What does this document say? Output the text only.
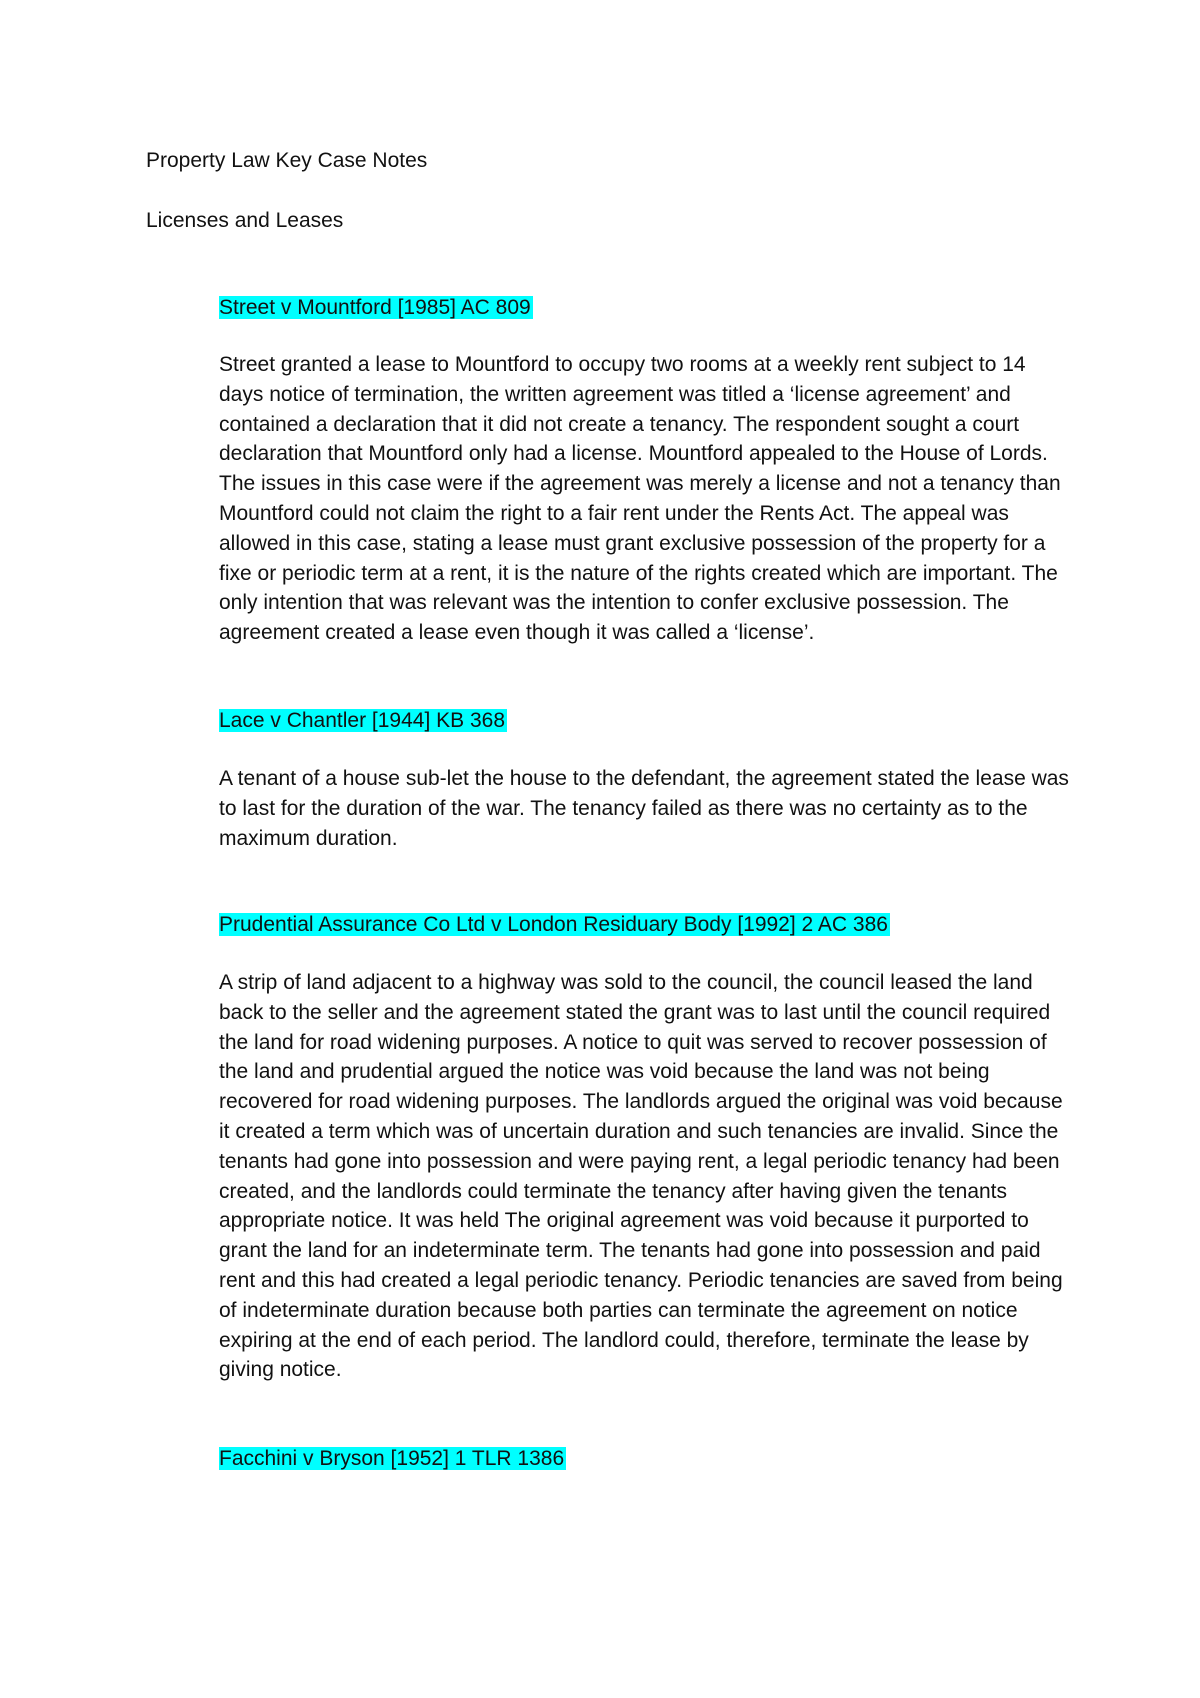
Property Law Key Case Notes

Licenses and Leases

Street v Mountford [1985] AC 809

Street granted a lease to Mountford to occupy two rooms at a weekly rent subject to 14 days notice of termination, the written agreement was titled a ‘license agreement’ and contained a declaration that it did not create a tenancy. The respondent sought a court declaration that Mountford only had a license. Mountford appealed to the House of Lords. The issues in this case were if the agreement was merely a license and not a tenancy than Mountford could not claim the right to a fair rent under the Rents Act. The appeal was allowed in this case, stating a lease must grant exclusive possession of the property for a fixe or periodic term at a rent, it is the nature of the rights created which are important. The only intention that was relevant was the intention to confer exclusive possession. The agreement created a lease even though it was called a ‘license’.

Lace v Chantler [1944] KB 368

A tenant of a house sub-let the house to the defendant, the agreement stated the lease was to last for the duration of the war. The tenancy failed as there was no certainty as to the maximum duration.

Prudential Assurance Co Ltd v London Residuary Body [1992] 2 AC 386

A strip of land adjacent to a highway was sold to the council, the council leased the land back to the seller and the agreement stated the grant was to last until the council required the land for road widening purposes. A notice to quit was served to recover possession of the land and prudential argued the notice was void because the land was not being recovered for road widening purposes. The landlords argued the original was void because it created a term which was of uncertain duration and such tenancies are invalid. Since the tenants had gone into possession and were paying rent, a legal periodic tenancy had been created, and the landlords could terminate the tenancy after having given the tenants appropriate notice. It was held The original agreement was void because it purported to grant the land for an indeterminate term. The tenants had gone into possession and paid rent and this had created a legal periodic tenancy. Periodic tenancies are saved from being of indeterminate duration because both parties can terminate the agreement on notice expiring at the end of each period. The landlord could, therefore, terminate the lease by giving notice.

Facchini v Bryson [1952] 1 TLR 1386
